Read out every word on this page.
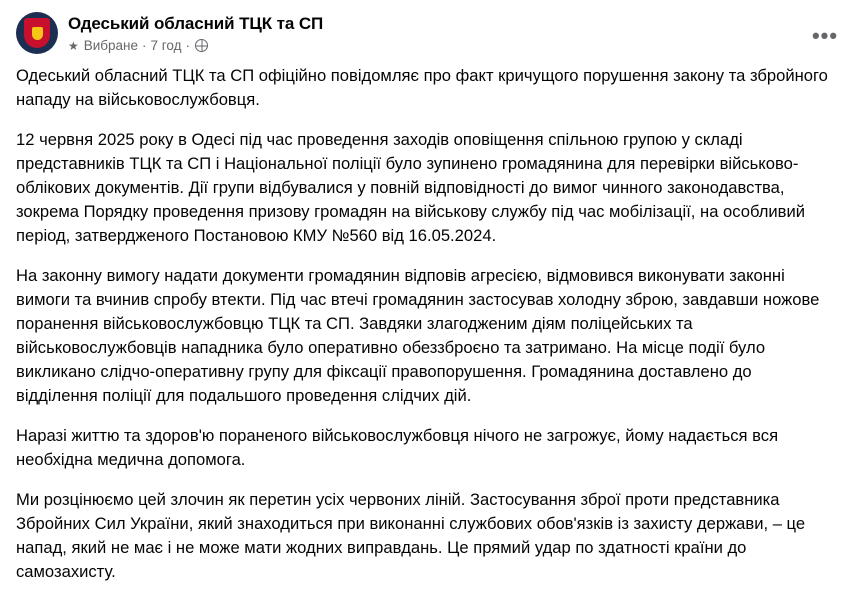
Одеський обласний ТЦК та СП
★ Вибране · 7 год ·	•••

Одеський обласний ТЦК та СП офіційно повідомляє про факт кричущого порушення закону та збройного нападу на військовослужбовця.

12 червня 2025 року в Одесі під час проведення заходів оповіщення спільною групою у складі представників ТЦК та СП і Національної поліції було зупинено громадянина для перевірки військово-облікових документів. Дії групи відбувалися у повній відповідності до вимог чинного законодавства, зокрема Порядку проведення призову громадян на військову службу під час мобілізації, на особливий період, затвердженого Постановою КМУ №560 від 16.05.2024.

На законну вимогу надати документи громадянин відповів агресією, відмовився виконувати законні вимоги та вчинив спробу втекти. Під час втечі громадянин застосував холодну зброю, завдавши ножове поранення військовослужбовцю ТЦК та СП. Завдяки злагодженим діям поліцейських та військовослужбовців нападника було оперативно обеззброєно та затримано. На місце події було викликано слідчо-оперативну групу для фіксації правопорушення. Громадянина доставлено до відділення поліції для подальшого проведення слідчих дій.

Наразі життю та здоров'ю пораненого військовослужбовця нічого не загрожує, йому надається вся необхідна медична допомога.

Ми розцінюємо цей злочин як перетин усіх червоних ліній. Застосування зброї проти представника Збройних Сил України, який знаходиться при виконанні службових обов'язків із захисту держави, – це напад, який не має і не може мати жодних виправдань. Це прямий удар по здатності країни до самозахисту.
